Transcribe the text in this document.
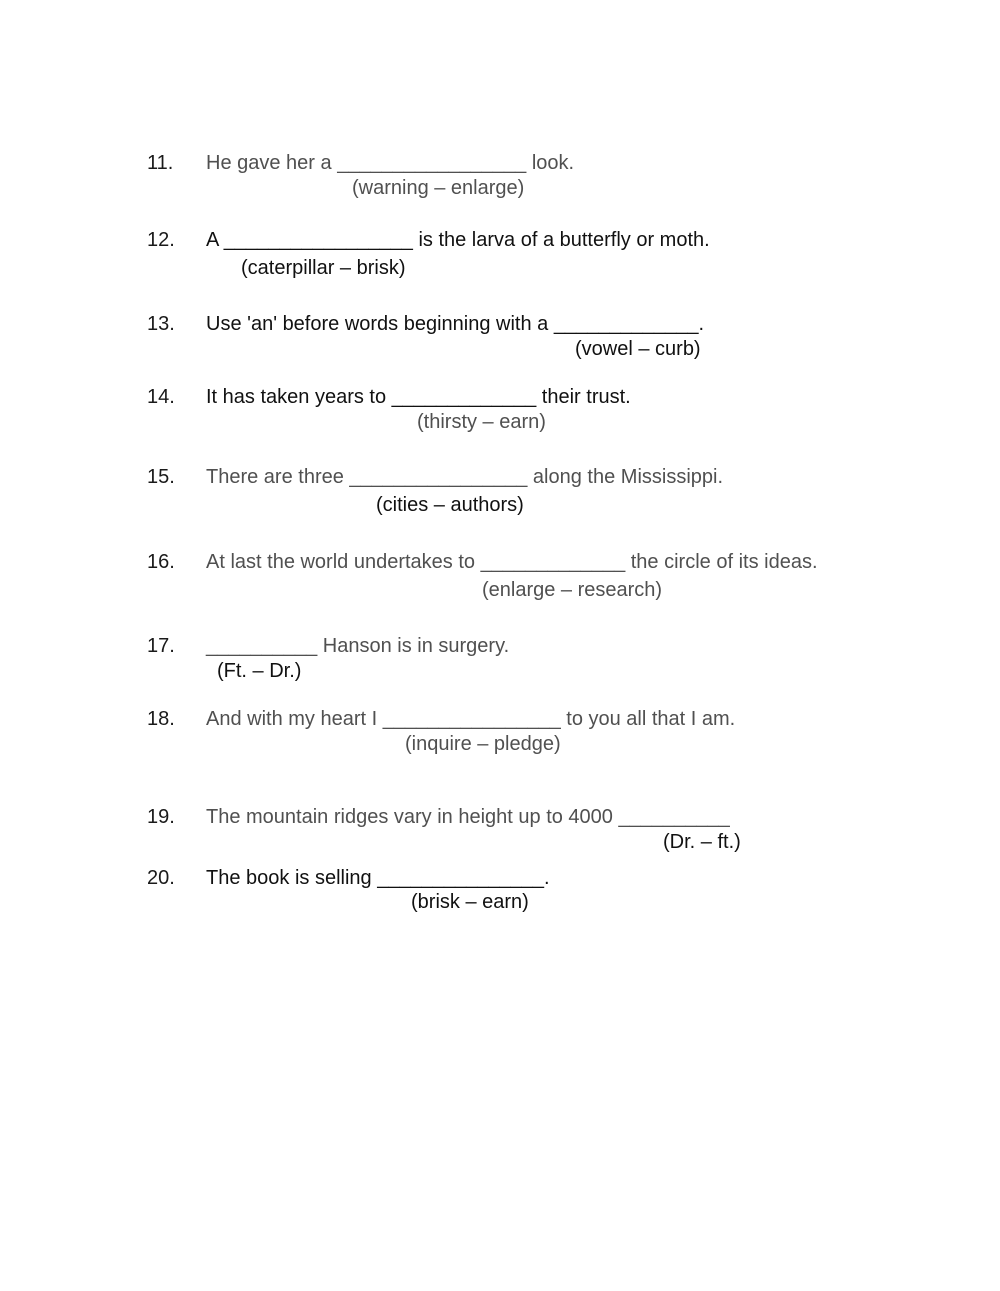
11. He gave her a _________________ look.
(warning – enlarge)
12. A _________________ is the larva of a butterfly or moth.
(caterpillar – brisk)
13. Use 'an' before words beginning with a _____________.
(vowel – curb)
14. It has taken years to _____________ their trust.
(thirsty – earn)
15. There are three ________________ along the Mississippi.
(cities – authors)
16. At last the world undertakes to _____________ the circle of its ideas.
(enlarge – research)
17. __________ Hanson is in surgery.
(Ft. – Dr.)
18. And with my heart I ________________ to you all that I am.
(inquire – pledge)
19. The mountain ridges vary in height up to 4000 __________
(Dr. – ft.)
20. The book is selling _______________.
(brisk – earn)
